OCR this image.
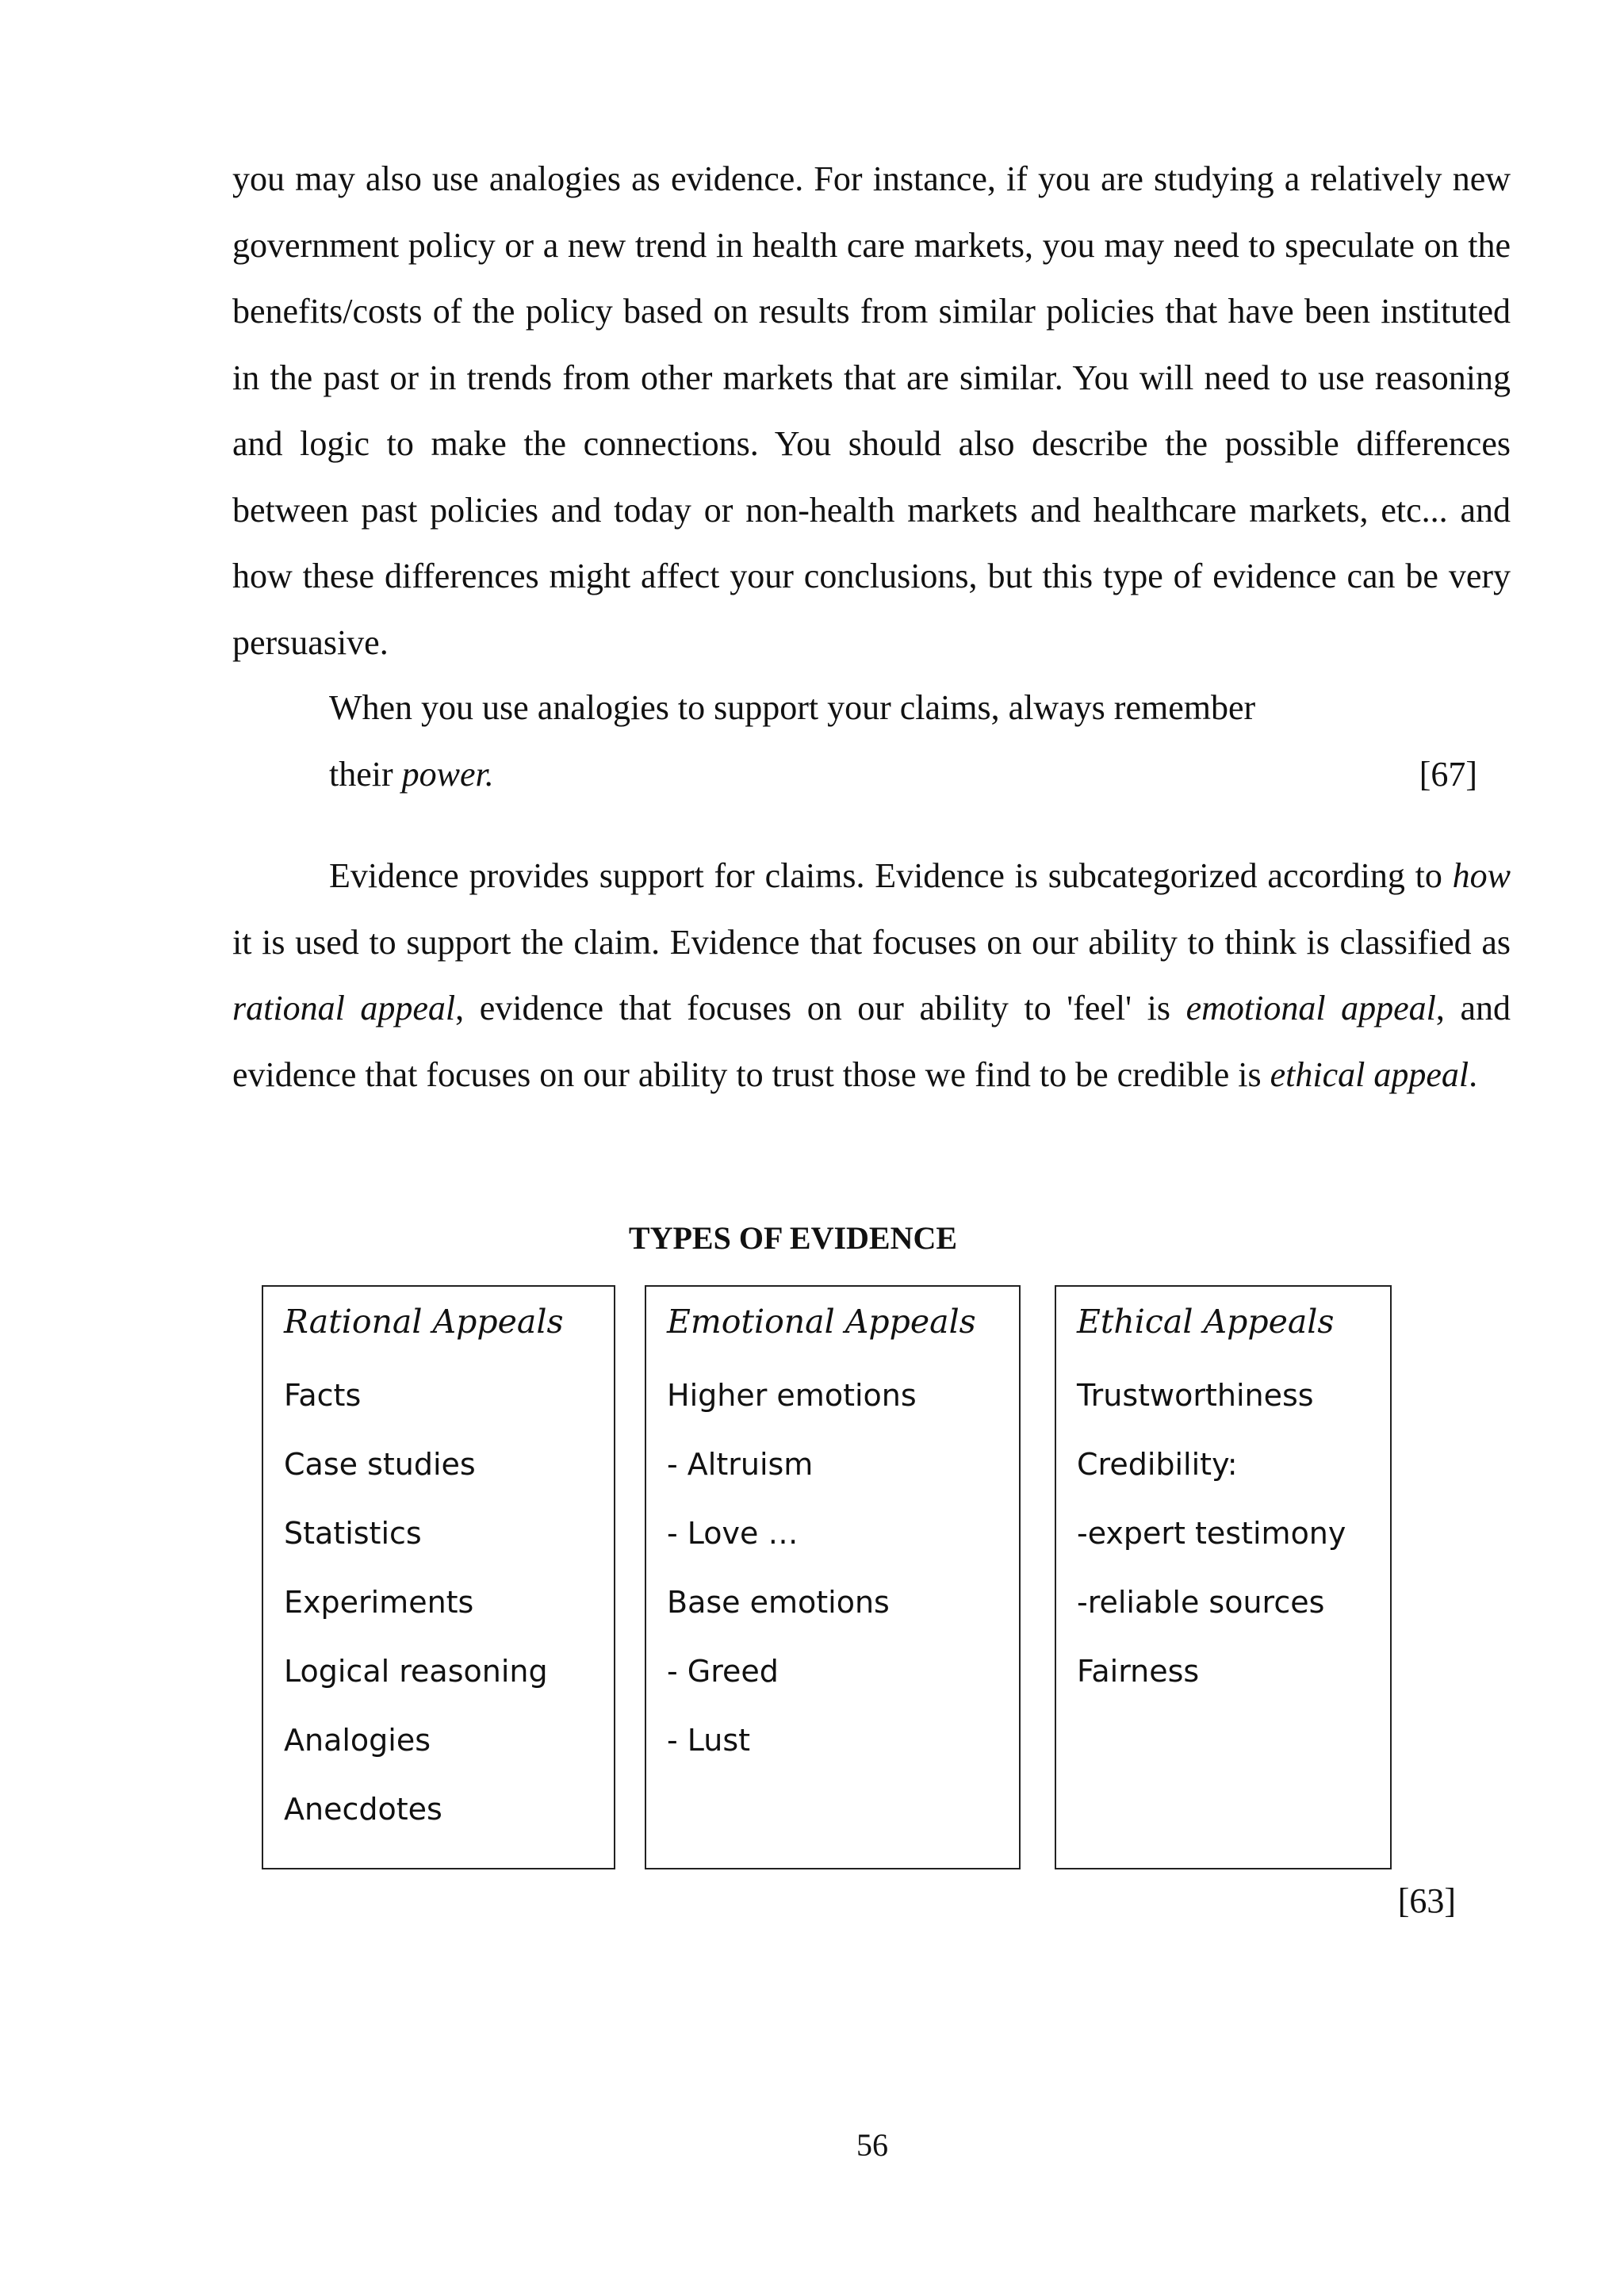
you may also use analogies as evidence. For instance, if you are studying a relatively new government policy or a new trend in health care markets, you may need to speculate on the benefits/costs of the policy based on results from similar policies that have been instituted in the past or in trends from other markets that are similar. You will need to use reasoning and logic to make the connections. You should also describe the possible differences between past policies and today or non-health markets and healthcare markets, etc... and how these differences might affect your conclusions, but this type of evidence can be very persuasive.

When you use analogies to support your claims, always remember
their power.	[67]

Evidence provides support for claims. Evidence is subcategorized according to how it is used to support the claim. Evidence that focuses on our ability to think is classified as rational appeal, evidence that focuses on our ability to 'feel' is emotional appeal, and evidence that focuses on our ability to trust those we find to be credible is ethical appeal.

TYPES OF EVIDENCE
Rational Appeals
Facts
Case studies
Statistics
Experiments
Logical reasoning
Analogies
Anecdotes
Emotional Appeals
Higher emotions
- Altruism
- Love …
Base emotions
- Greed
- Lust
Ethical Appeals
Trustworthiness
Credibility:
-expert testimony
-reliable sources
Fairness
[63]
56
